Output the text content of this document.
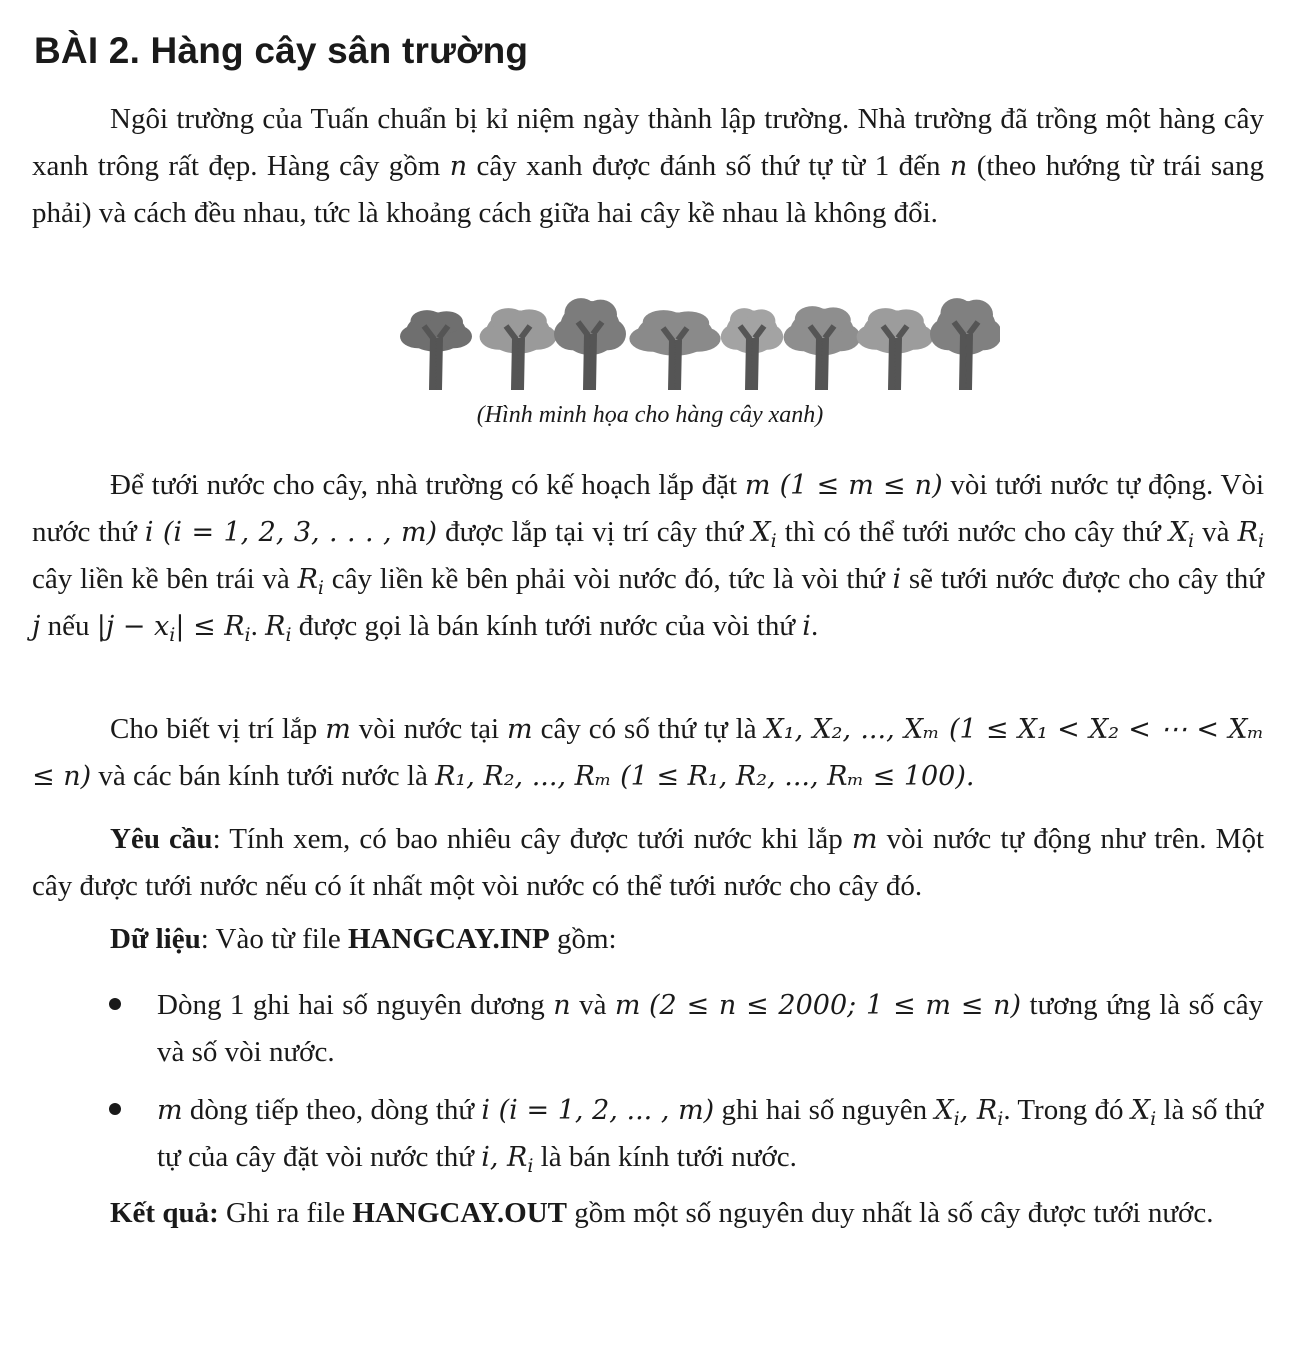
BÀI 2. Hàng cây sân trường

Ngôi trường của Tuấn chuẩn bị kỉ niệm ngày thành lập trường. Nhà trường đã trồng một hàng cây xanh trông rất đẹp. Hàng cây gồm n cây xanh được đánh số thứ tự từ 1 đến n (theo hướng từ trái sang phải) và cách đều nhau, tức là khoảng cách giữa hai cây kề nhau là không đổi.

(Hình minh họa cho hàng cây xanh)

Để tưới nước cho cây, nhà trường có kế hoạch lắp đặt m (1 ≤ m ≤ n) vòi tưới nước tự động. Vòi nước thứ i (i = 1, 2, 3, . . . , m) được lắp tại vị trí cây thứ $X_i$ thì có thể tưới nước cho cây thứ $X_i$ và $R_i$ cây liền kề bên trái và $R_i$ cây liền kề bên phải vòi nước đó, tức là vòi thứ i sẽ tưới nước được cho cây thứ j nếu $|j - x_i| \le R_i$. $R_i$ được gọi là bán kính tưới nước của vòi thứ i.

Cho biết vị trí lắp m vòi nước tại m cây có số thứ tự là X₁, X₂, ..., Xₘ (1 ≤ X₁ < X₂ < ⋯ < Xₘ ≤ n) và các bán kính tưới nước là R₁, R₂, ..., Rₘ (1 ≤ R₁, R₂, ..., Rₘ ≤ 100).

Yêu cầu: Tính xem, có bao nhiêu cây được tưới nước khi lắp m vòi nước tự động như trên. Một cây được tưới nước nếu có ít nhất một vòi nước có thể tưới nước cho cây đó.

Dữ liệu: Vào từ file HANGCAY.INP gồm:

Dòng 1 ghi hai số nguyên dương n và m (2 ≤ n ≤ 2000; 1 ≤ m ≤ n) tương ứng là số cây và số vòi nước.
m dòng tiếp theo, dòng thứ i (i = 1, 2, ... , m) ghi hai số nguyên $X_i$, $R_i$. Trong đó $X_i$ là số thứ tự của cây đặt vòi nước thứ i, $R_i$ là bán kính tưới nước.

Kết quả: Ghi ra file HANGCAY.OUT gồm một số nguyên duy nhất là số cây được tưới nước.
